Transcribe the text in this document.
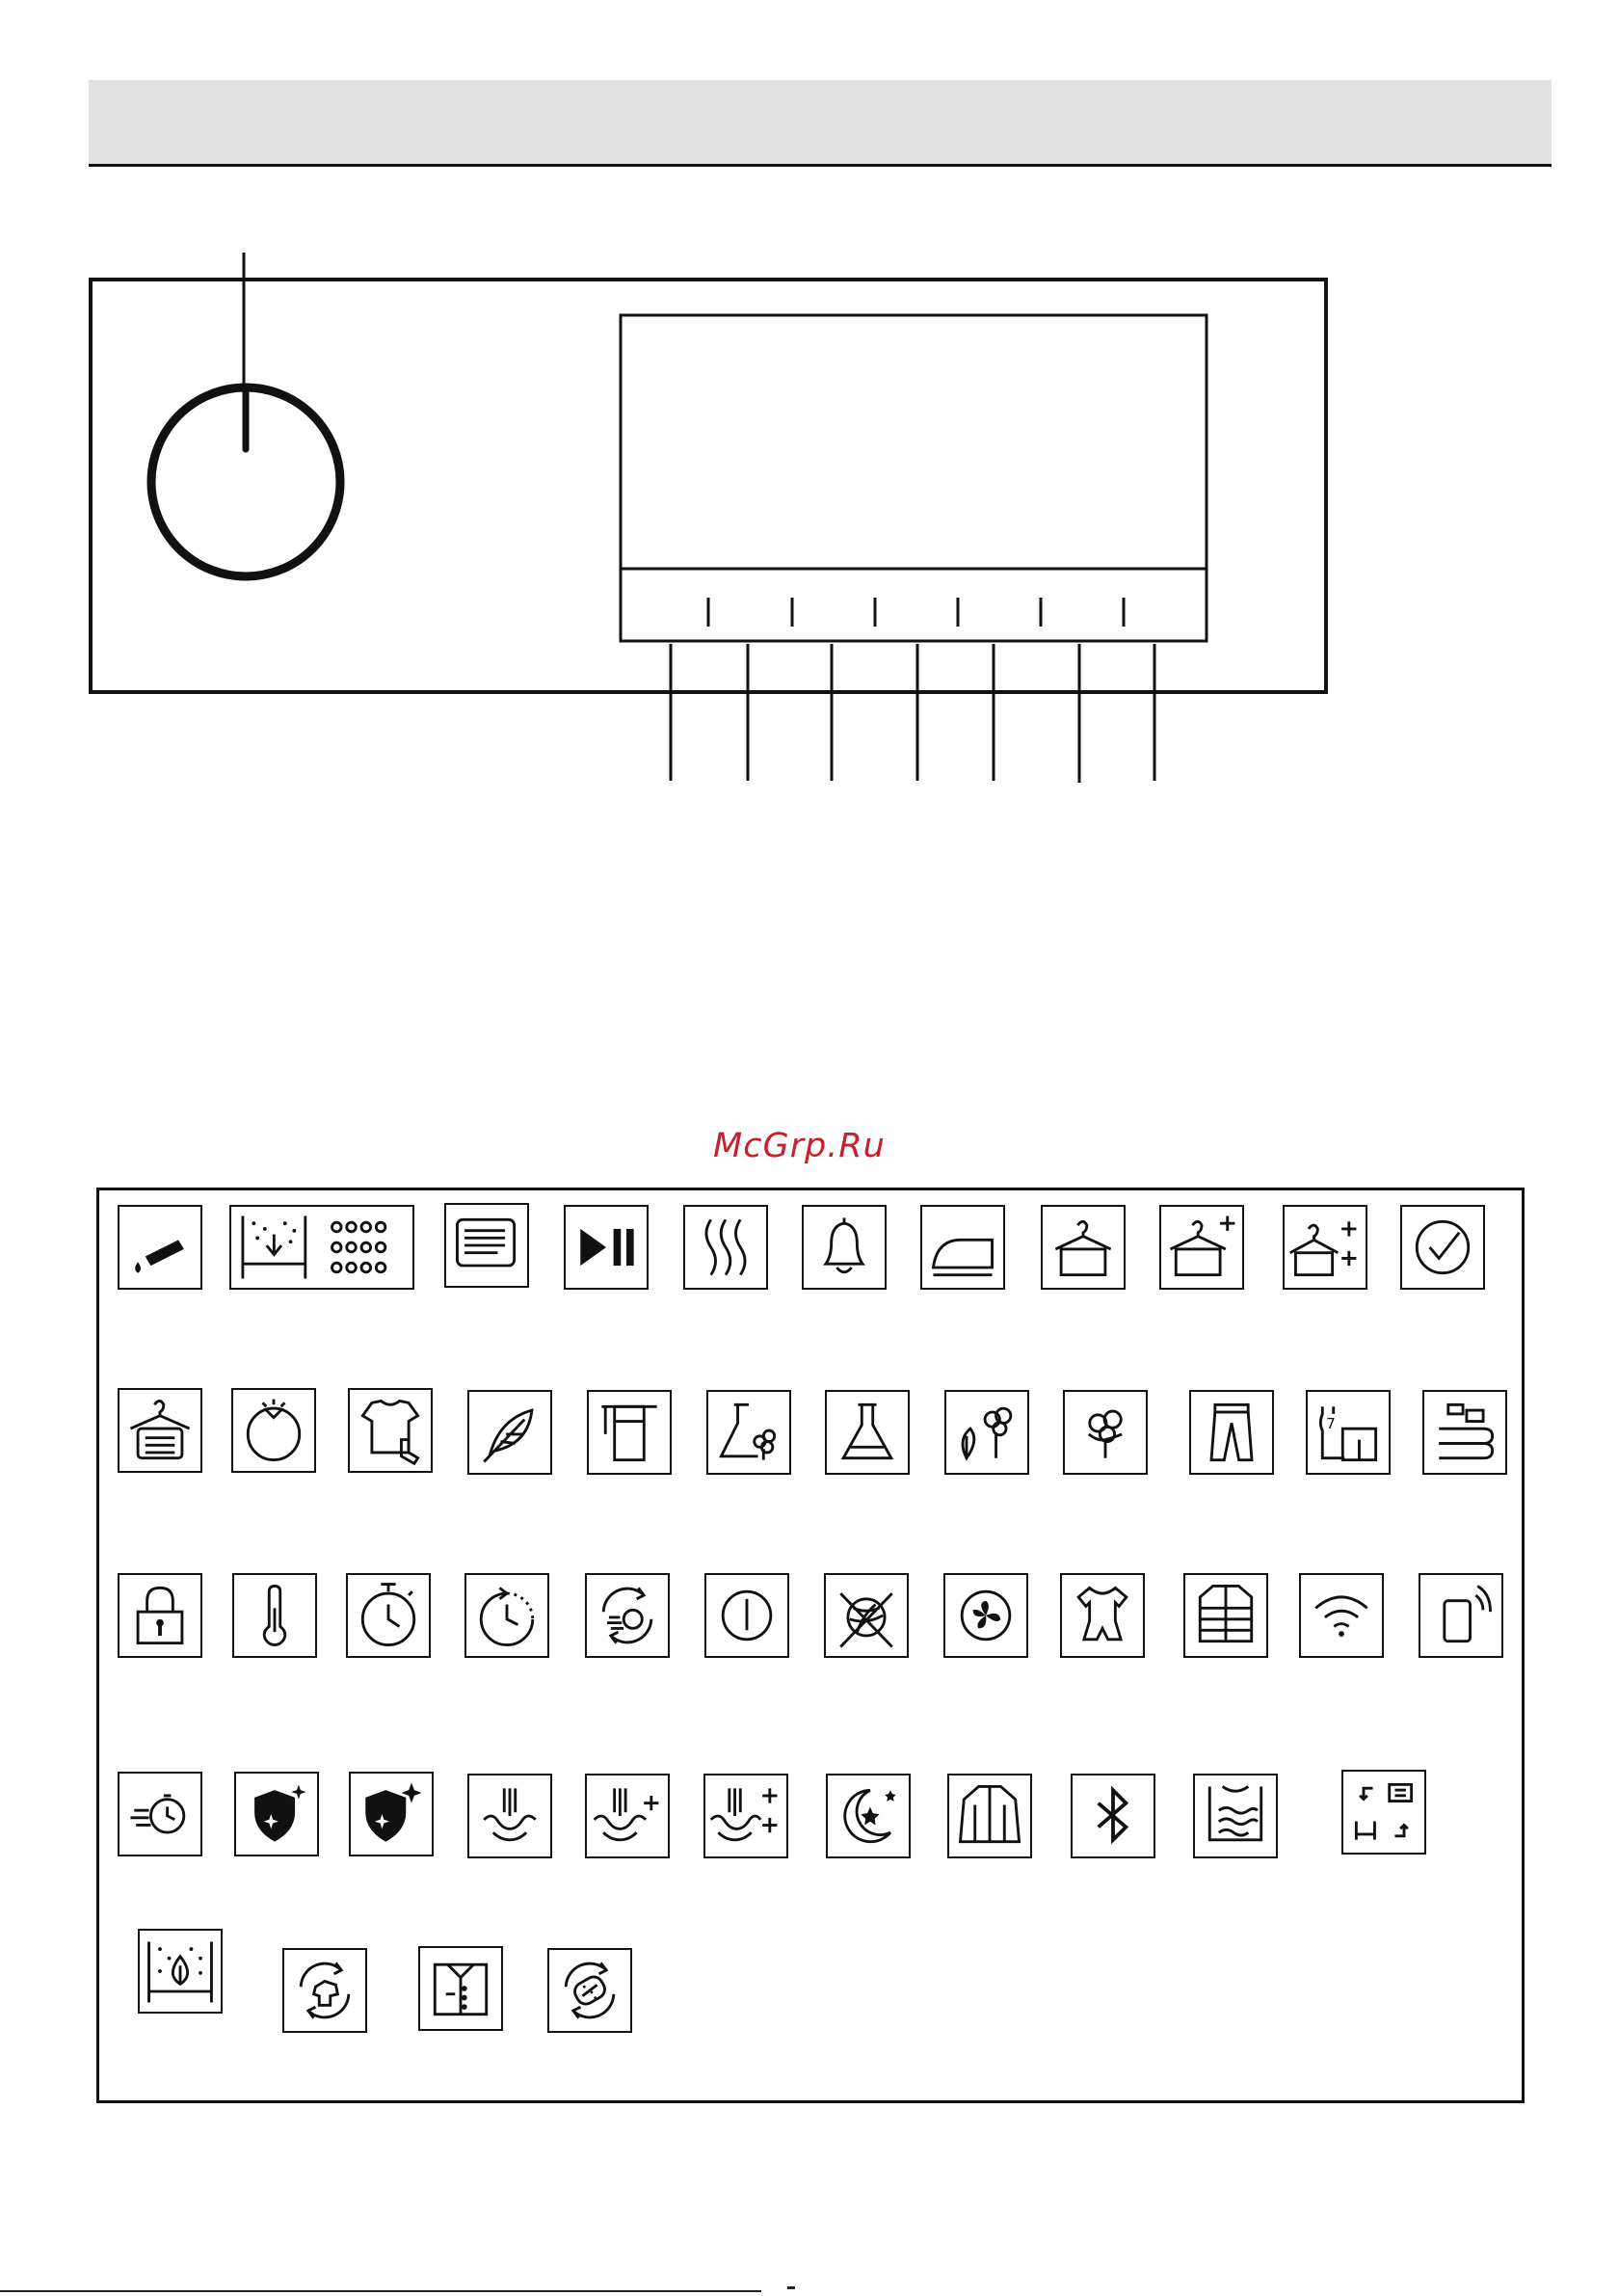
McGrp.Ru
7
